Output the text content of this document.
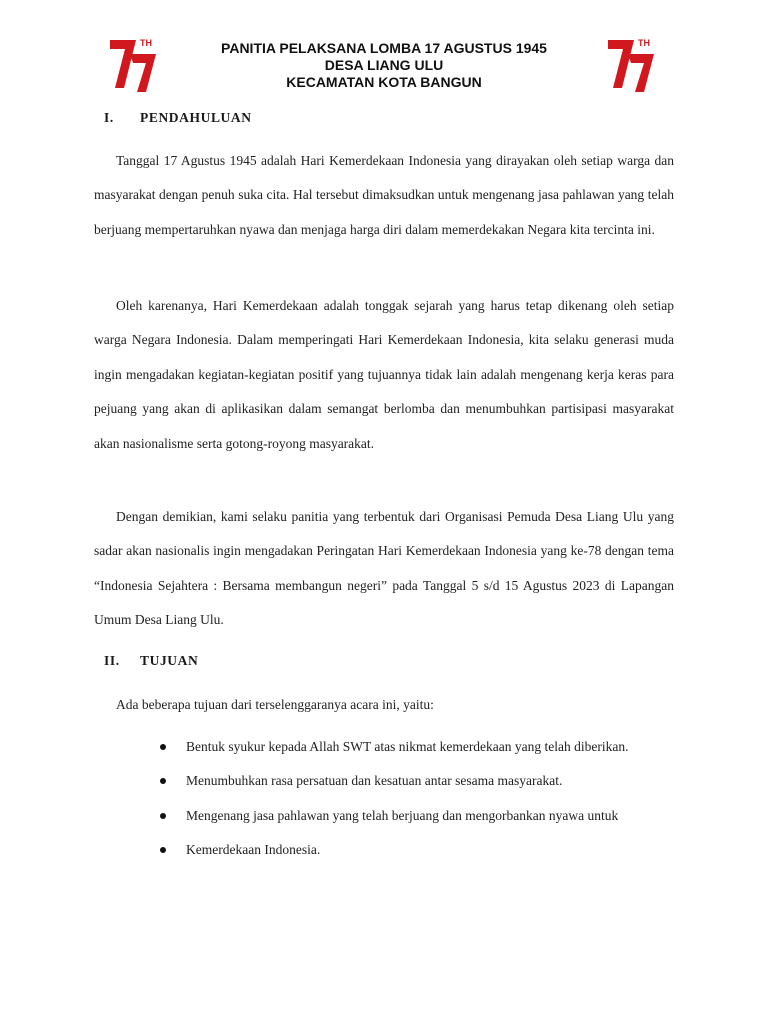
TH	PANITIA PELAKSANA LOMBA 17 AGUSTUS 1945
DESA LIANG ULU
KECAMATAN KOTA BANGUN
TH
I. PENDAHULUAN
Tanggal 17 Agustus 1945 adalah Hari Kemerdekaan Indonesia yang dirayakan oleh setiap warga dan masyarakat dengan penuh suka cita. Hal tersebut dimaksudkan untuk mengenang jasa pahlawan yang telah berjuang mempertaruhkan nyawa dan menjaga harga diri dalam memerdekakan Negara kita tercinta ini.
Oleh karenanya, Hari Kemerdekaan adalah tonggak sejarah yang harus tetap dikenang oleh setiap warga Negara Indonesia. Dalam memperingati Hari Kemerdekaan Indonesia, kita selaku generasi muda ingin mengadakan kegiatan-kegiatan positif yang tujuannya tidak lain adalah mengenang kerja keras para pejuang yang akan di aplikasikan dalam semangat berlomba dan menumbuhkan partisipasi masyarakat akan nasionalisme serta gotong-royong masyarakat.
Dengan demikian, kami selaku panitia yang terbentuk dari Organisasi Pemuda Desa Liang Ulu yang sadar akan nasionalis ingin mengadakan Peringatan Hari Kemerdekaan Indonesia yang ke-78 dengan tema “Indonesia Sejahtera : Bersama membangun negeri” pada Tanggal 5 s/d 15 Agustus 2023 di Lapangan Umum Desa Liang Ulu.
II. TUJUAN
Ada beberapa tujuan dari terselenggaranya acara ini, yaitu:
Bentuk syukur kepada Allah SWT atas nikmat kemerdekaan yang telah diberikan.
Menumbuhkan rasa persatuan dan kesatuan antar sesama masyarakat.
Mengenang jasa pahlawan yang telah berjuang dan mengorbankan nyawa untuk
Kemerdekaan Indonesia.
